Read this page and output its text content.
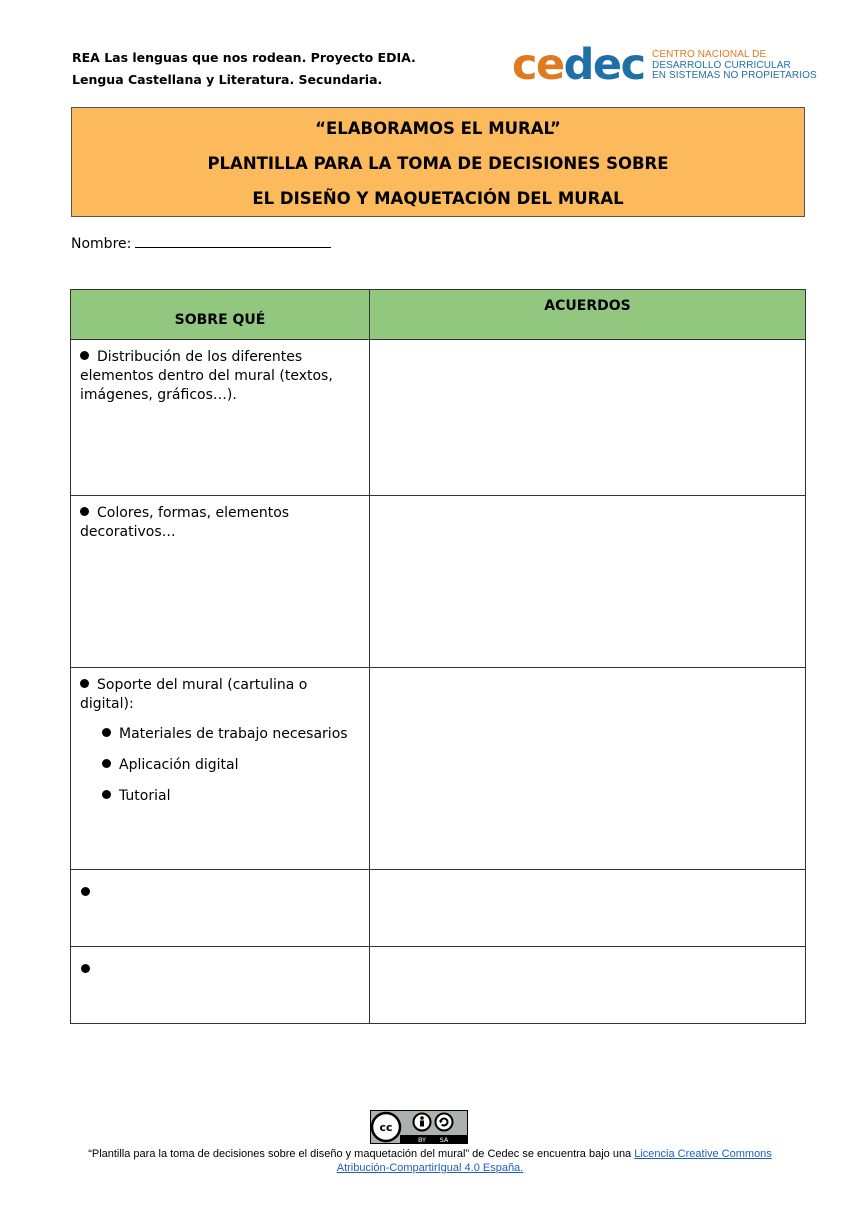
REA Las lenguas que nos rodean. Proyecto EDIA.
Lengua Castellana y Literatura. Secundaria.	cedec CENTRO NACIONAL DE
DESARROLLO CURRICULAR
EN SISTEMAS NO PROPIETARIOS
“ELABORAMOS EL MURAL”
PLANTILLA PARA LA TOMA DE DECISIONES SOBRE
EL DISEÑO Y MAQUETACIÓN DEL MURAL
Nombre:
SOBRE QUÉ	ACUERDOS

Distribución de los diferentes elementos dentro del mural (textos, imágenes, gráficos…).	

Colores, formas, elementos decorativos…	

Soporte del mural (cartulina o digital):
Materiales de trabajo necesarios
Aplicación digital
Tutorial	

cc
BY SA
“Plantilla para la toma de decisiones sobre el diseño y maquetación del mural” de Cedec se encuentra bajo una Licencia Creative Commons
Atribución-CompartirIgual 4.0 España.
